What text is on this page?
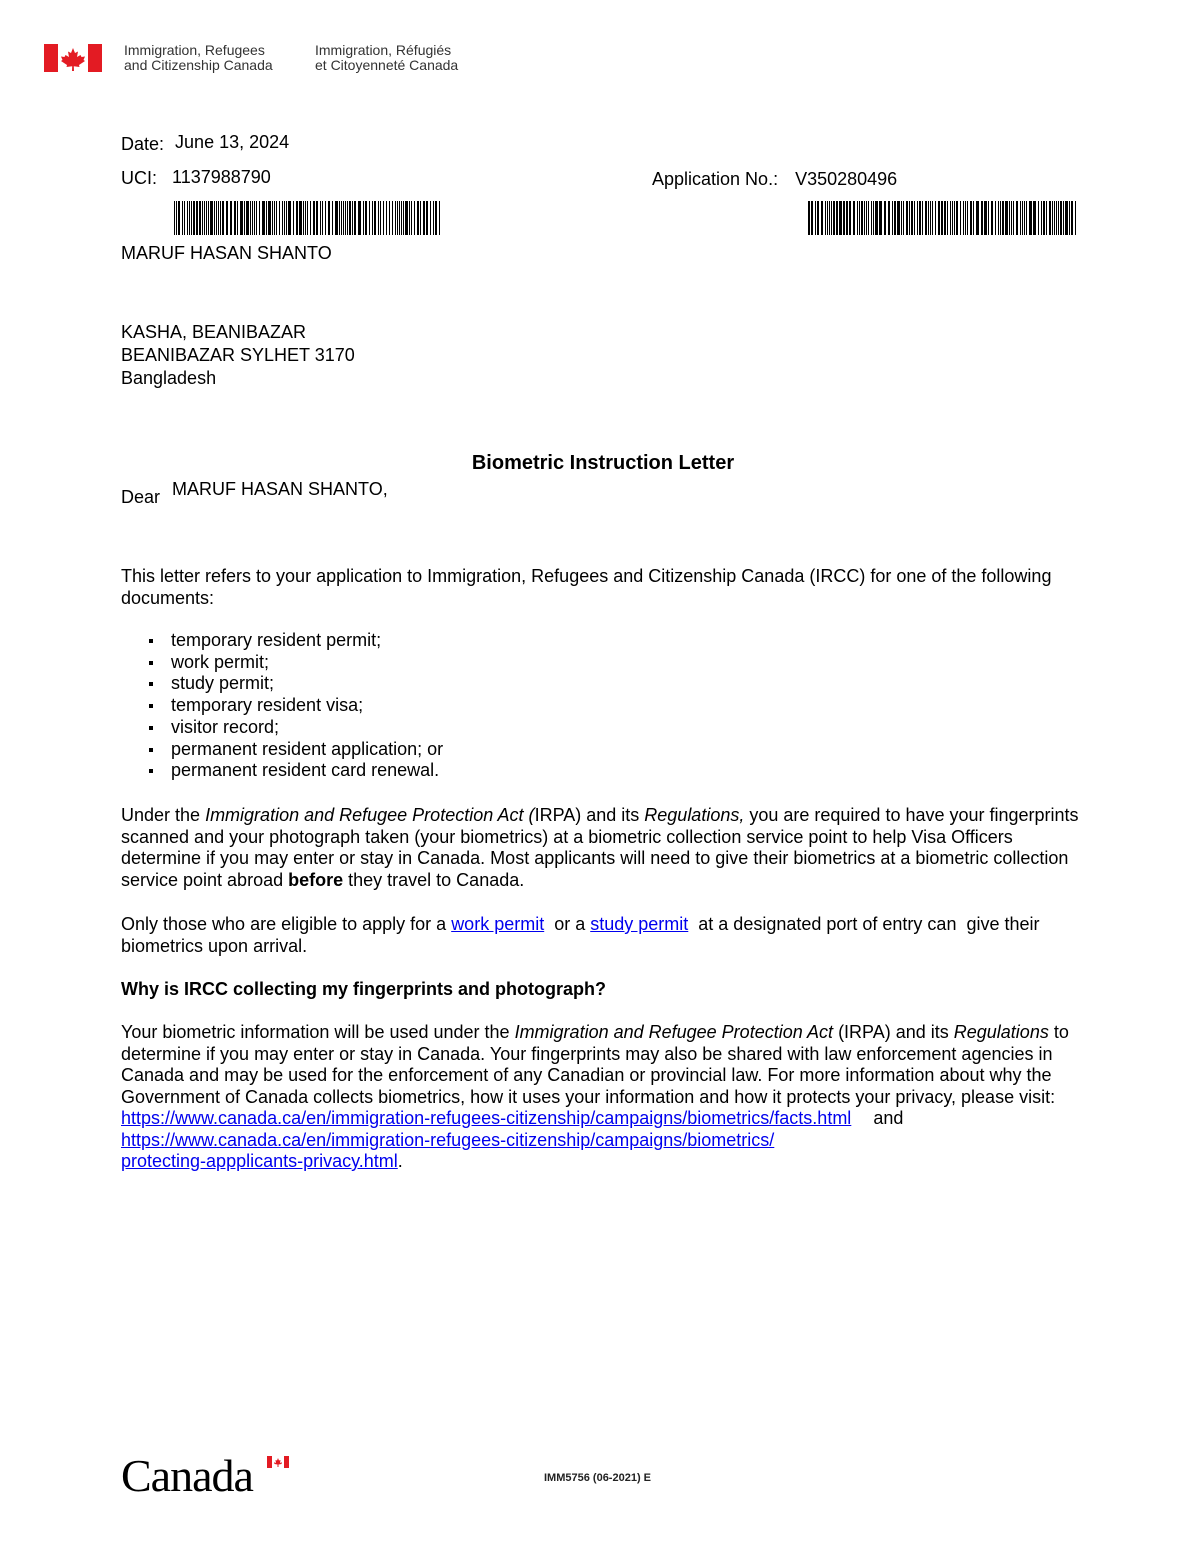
Immigration, Refugees
and Citizenship Canada
Immigration, Réfugiés
et Citoyenneté Canada
Date: June 13, 2024
UCI: 1137988790	Application No.: V350280496
MARUF HASAN SHANTO
KASHA, BEANIBAZAR
BEANIBAZAR SYLHET 3170
Bangladesh
Biometric Instruction Letter
Dear MARUF HASAN SHANTO,
This letter refers to your application to Immigration, Refugees and Citizenship Canada (IRCC) for one of the following documents:
temporary resident permit;
work permit;
study permit;
temporary resident visa;
visitor record;
permanent resident application; or
permanent resident card renewal.
Under the Immigration and Refugee Protection Act (IRPA) and its Regulations, you are required to have your fingerprints scanned and your photograph taken (your biometrics) at a biometric collection service point to help Visa Officers determine if you may enter or stay in Canada. Most applicants will need to give their biometrics at a biometric collection service point abroad before they travel to Canada.
Only those who are eligible to apply for a work permit  or a study permit  at a designated port of entry can  give their biometrics upon arrival.
Why is IRCC collecting my fingerprints and photograph?
Your biometric information will be used under the Immigration and Refugee Protection Act (IRPA) and its Regulations to determine if you may enter or stay in Canada. Your fingerprints may also be shared with law enforcement agencies in Canada and may be used for the enforcement of any Canadian or provincial law. For more information about why the Government of Canada collects biometrics, how it uses your information and how it protects your privacy, please visit:
https://www.canada.ca/en/immigration-refugees-citizenship/campaigns/biometrics/facts.html and
https://www.canada.ca/en/immigration-refugees-citizenship/campaigns/biometrics/
protecting-appplicants-privacy.html.
Canada	IMM5756 (06-2021) E
